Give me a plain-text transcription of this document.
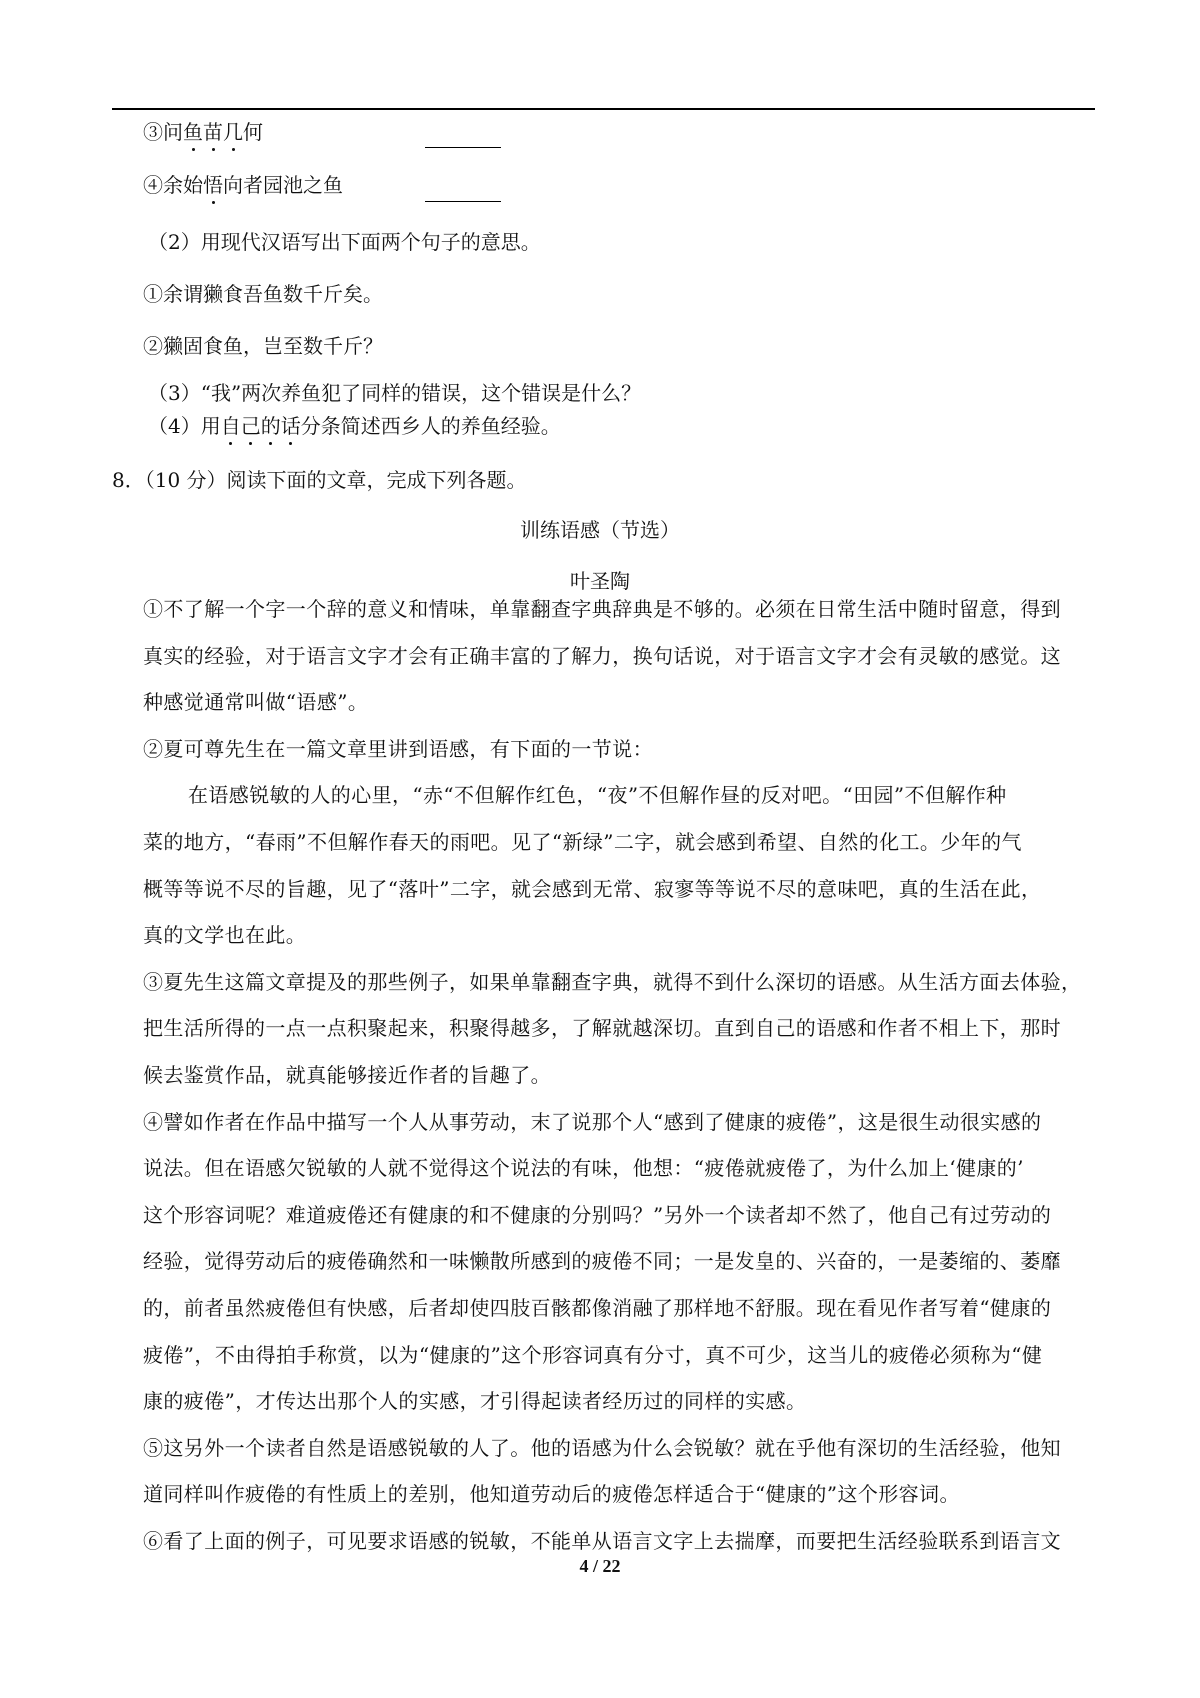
③问鱼苗几何
④余始悟向者园池之鱼
（2）用现代汉语写出下面两个句子的意思。
①余谓獭食吾鱼数千斤矣。
②獭固食鱼，岂至数千斤？
（3）“我”两次养鱼犯了同样的错误，这个错误是什么？
（4）用自己的话分条简述西乡人的养鱼经验。
8．（10 分）阅读下面的文章，完成下列各题。
训练语感（节选）
叶圣陶
①不了解一个字一个辞的意义和情味，单靠翻查字典辞典是不够的。必须在日常生活中随时留意，得到
真实的经验，对于语言文字才会有正确丰富的了解力，换句话说，对于语言文字才会有灵敏的感觉。这
种感觉通常叫做“语感”。
②夏可尊先生在一篇文章里讲到语感，有下面的一节说：
在语感锐敏的人的心里，“赤“不但解作红色，“夜”不但解作昼的反对吧。“田园”不但解作种
菜的地方，“春雨”不但解作春天的雨吧。见了“新绿”二字，就会感到希望、自然的化工。少年的气
概等等说不尽的旨趣，见了“落叶”二字，就会感到无常、寂寥等等说不尽的意味吧，真的生活在此，
真的文学也在此。
③夏先生这篇文章提及的那些例子，如果单靠翻查字典，就得不到什么深切的语感。从生活方面去体验，
把生活所得的一点一点积聚起来，积聚得越多，了解就越深切。直到自己的语感和作者不相上下，那时
候去鉴赏作品，就真能够接近作者的旨趣了。
④譬如作者在作品中描写一个人从事劳动，末了说那个人“感到了健康的疲倦”，这是很生动很实感的
说法。但在语感欠锐敏的人就不觉得这个说法的有味，他想：“疲倦就疲倦了，为什么加上‘健康的’
这个形容词呢？难道疲倦还有健康的和不健康的分别吗？”另外一个读者却不然了，他自己有过劳动的
经验，觉得劳动后的疲倦确然和一味懒散所感到的疲倦不同；一是发皇的、兴奋的，一是萎缩的、萎靡
的，前者虽然疲倦但有快感，后者却使四肢百骸都像消融了那样地不舒服。现在看见作者写着“健康的
疲倦”，不由得拍手称赏，以为“健康的”这个形容词真有分寸，真不可少，这当儿的疲倦必须称为“健
康的疲倦”，才传达出那个人的实感，才引得起读者经历过的同样的实感。
⑤这另外一个读者自然是语感锐敏的人了。他的语感为什么会锐敏？就在乎他有深切的生活经验，他知
道同样叫作疲倦的有性质上的差别，他知道劳动后的疲倦怎样适合于“健康的”这个形容词。
⑥看了上面的例子，可见要求语感的锐敏，不能单从语言文字上去揣摩，而要把生活经验联系到语言文
4 / 22
